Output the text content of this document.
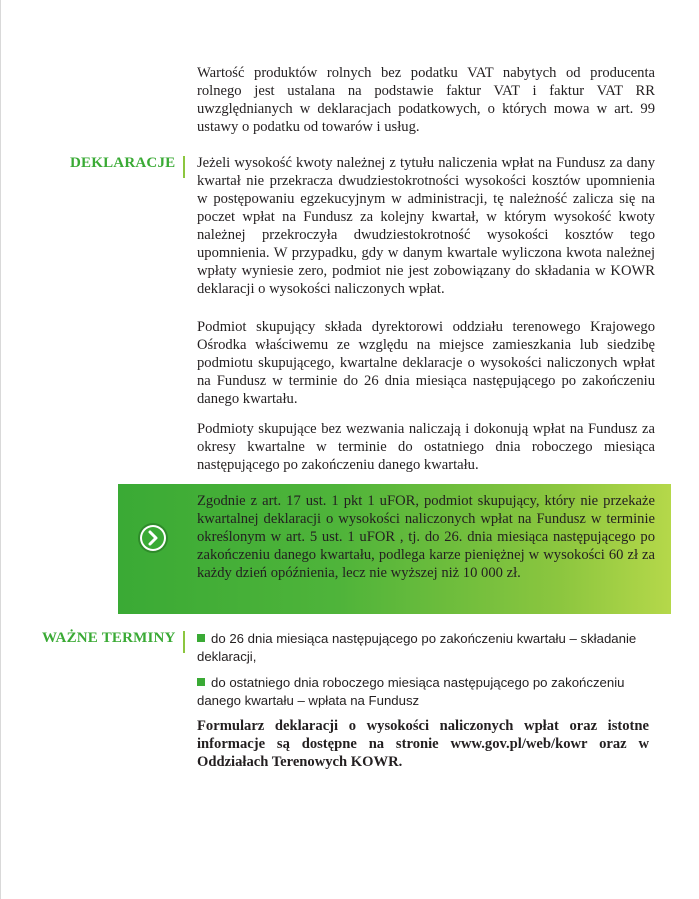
Wartość produktów rolnych bez podatku VAT nabytych od producenta rolnego jest ustalana na podstawie faktur VAT i faktur VAT RR uwzględnianych w deklaracjach podatkowych, o których mowa w art. 99 ustawy o podatku od towarów i usług.

DEKLARACJE Jeżeli wysokość kwoty należnej z tytułu naliczenia wpłat na Fundusz za dany kwartał nie przekracza dwudziestokrotności wysokości kosztów upomnienia w postępowaniu egzekucyjnym w administracji, tę należność zalicza się na poczet wpłat na Fundusz za kolejny kwartał, w którym wysokość kwoty należnej przekroczyła dwudziestokrotność wysokości kosztów tego upomnienia. W przypadku, gdy w danym kwartale wyliczona kwota należnej wpłaty wyniesie zero, podmiot nie jest zobowiązany do składania w KOWR deklaracji o wysokości naliczonych wpłat.

Podmiot skupujący składa dyrektorowi oddziału terenowego Krajowego Ośrodka właściwemu ze względu na miejsce zamieszkania lub siedzibę podmiotu skupującego, kwartalne deklaracje o wysokości naliczonych wpłat na Fundusz w terminie do 26 dnia miesiąca następującego po zakończeniu danego kwartału.

Podmioty skupujące bez wezwania naliczają i dokonują wpłat na Fundusz za okresy kwartalne w terminie do ostatniego dnia roboczego miesiąca następującego po zakończeniu danego kwartału.

Zgodnie z art. 17 ust. 1 pkt 1 uFOR, podmiot skupujący, który nie przekaże kwartalnej deklaracji o wysokości naliczonych wpłat na Fundusz w terminie określonym w art. 5 ust. 1 uFOR , tj. do 26. dnia miesiąca następującego po zakończeniu danego kwartału, podlega karze pieniężnej w wysokości 60 zł za każdy dzień opóźnienia, lecz nie wyższej niż 10 000 zł.

WAŻNE TERMINY	do 26 dnia miesiąca następującego po zakończeniu kwartału – składanie deklaracji,

do ostatniego dnia roboczego miesiąca następującego po zakończeniu danego kwartału – wpłata na Fundusz

Formularz deklaracji o wysokości naliczonych wpłat oraz istotne informacje są dostępne na stronie www.gov.pl/web/kowr oraz w Oddziałach Terenowych KOWR.
